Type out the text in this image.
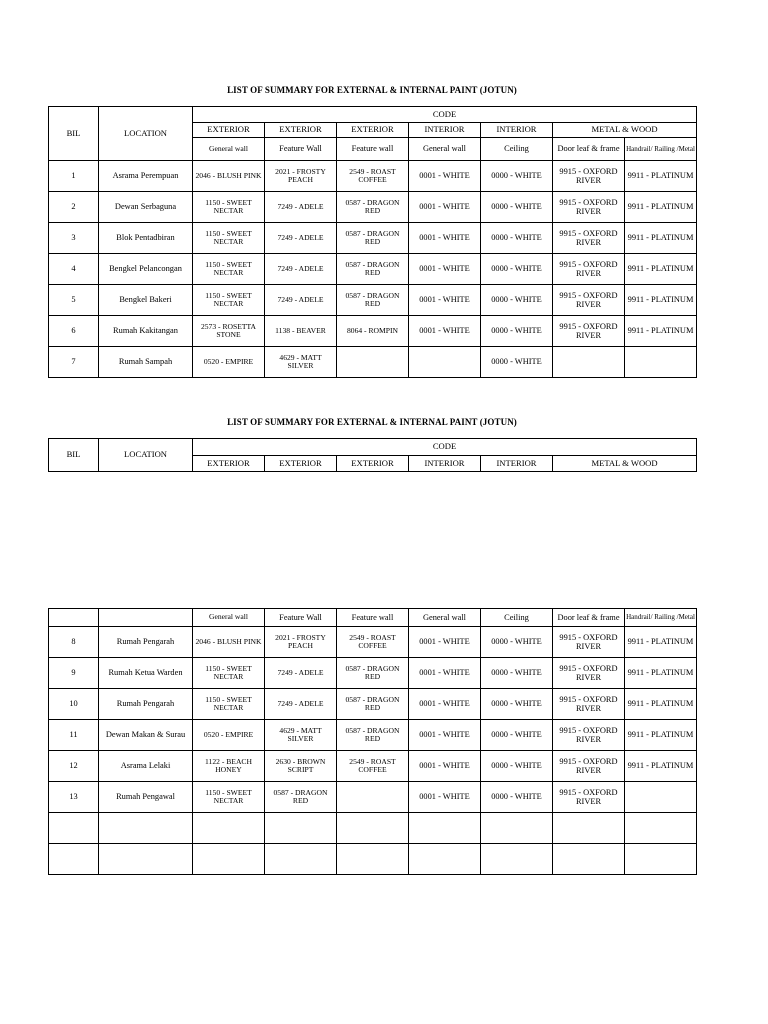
LIST OF SUMMARY FOR EXTERNAL & INTERNAL PAINT (JOTUN)
BIL	LOCATION	CODE						
		EXTERIOR	EXTERIOR	EXTERIOR	INTERIOR	INTERIOR	METAL & WOOD	
		General wall	Feature Wall	Feature wall	General wall	Ceiling	Door leaf & frame	Handrail/ Railing /Metal
1	Asrama Perempuan	2046 - BLUSH PINK	2021 - FROSTY PEACH	2549 - ROAST COFFEE	0001 - WHITE	0000 - WHITE	9915 - OXFORD RIVER	9911 - PLATINUM
2	Dewan Serbaguna	1150 - SWEET NECTAR	7249 - ADELE	0587 - DRAGON RED	0001 - WHITE	0000 - WHITE	9915 - OXFORD RIVER	9911 - PLATINUM
3	Blok Pentadbiran	1150 - SWEET NECTAR	7249 - ADELE	0587 - DRAGON RED	0001 - WHITE	0000 - WHITE	9915 - OXFORD RIVER	9911 - PLATINUM
4	Bengkel Pelancongan	1150 - SWEET NECTAR	7249 - ADELE	0587 - DRAGON RED	0001 - WHITE	0000 - WHITE	9915 - OXFORD RIVER	9911 - PLATINUM
5	Bengkel Bakeri	1150 - SWEET NECTAR	7249 - ADELE	0587 - DRAGON RED	0001 - WHITE	0000 - WHITE	9915 - OXFORD RIVER	9911 - PLATINUM
6	Rumah Kakitangan	2573 - ROSETTA STONE	1138 - BEAVER	8064 - ROMPIN	0001 - WHITE	0000 - WHITE	9915 - OXFORD RIVER	9911 - PLATINUM
7	Rumah Sampah	0520 - EMPIRE	4629 - MATT SILVER			0000 - WHITE		
LIST OF SUMMARY FOR EXTERNAL & INTERNAL PAINT (JOTUN)
BIL	LOCATION	CODE					
		EXTERIOR	EXTERIOR	EXTERIOR	INTERIOR	INTERIOR	METAL & WOOD
		General wall	Feature Wall	Feature wall	General wall	Ceiling	Door leaf & frame	Handrail/ Railing /Metal
8	Rumah Pengarah	2046 - BLUSH PINK	2021 - FROSTY PEACH	2549 - ROAST COFFEE	0001 - WHITE	0000 - WHITE	9915 - OXFORD RIVER	9911 - PLATINUM
9	Rumah Ketua Warden	1150 - SWEET NECTAR	7249 - ADELE	0587 - DRAGON RED	0001 - WHITE	0000 - WHITE	9915 - OXFORD RIVER	9911 - PLATINUM
10	Rumah Pengarah	1150 - SWEET NECTAR	7249 - ADELE	0587 - DRAGON RED	0001 - WHITE	0000 - WHITE	9915 - OXFORD RIVER	9911 - PLATINUM
11	Dewan Makan & Surau	0520 - EMPIRE	4629 - MATT SILVER	0587 - DRAGON RED	0001 - WHITE	0000 - WHITE	9915 - OXFORD RIVER	9911 - PLATINUM
12	Asrama Lelaki	1122 - BEACH HONEY	2630 - BROWN SCRIPT	2549 - ROAST COFFEE	0001 - WHITE	0000 - WHITE	9915 - OXFORD RIVER	9911 - PLATINUM
13	Rumah Pengawal	1150 - SWEET NECTAR	0587 - DRAGON RED		0001 - WHITE	0000 - WHITE	9915 - OXFORD RIVER	
